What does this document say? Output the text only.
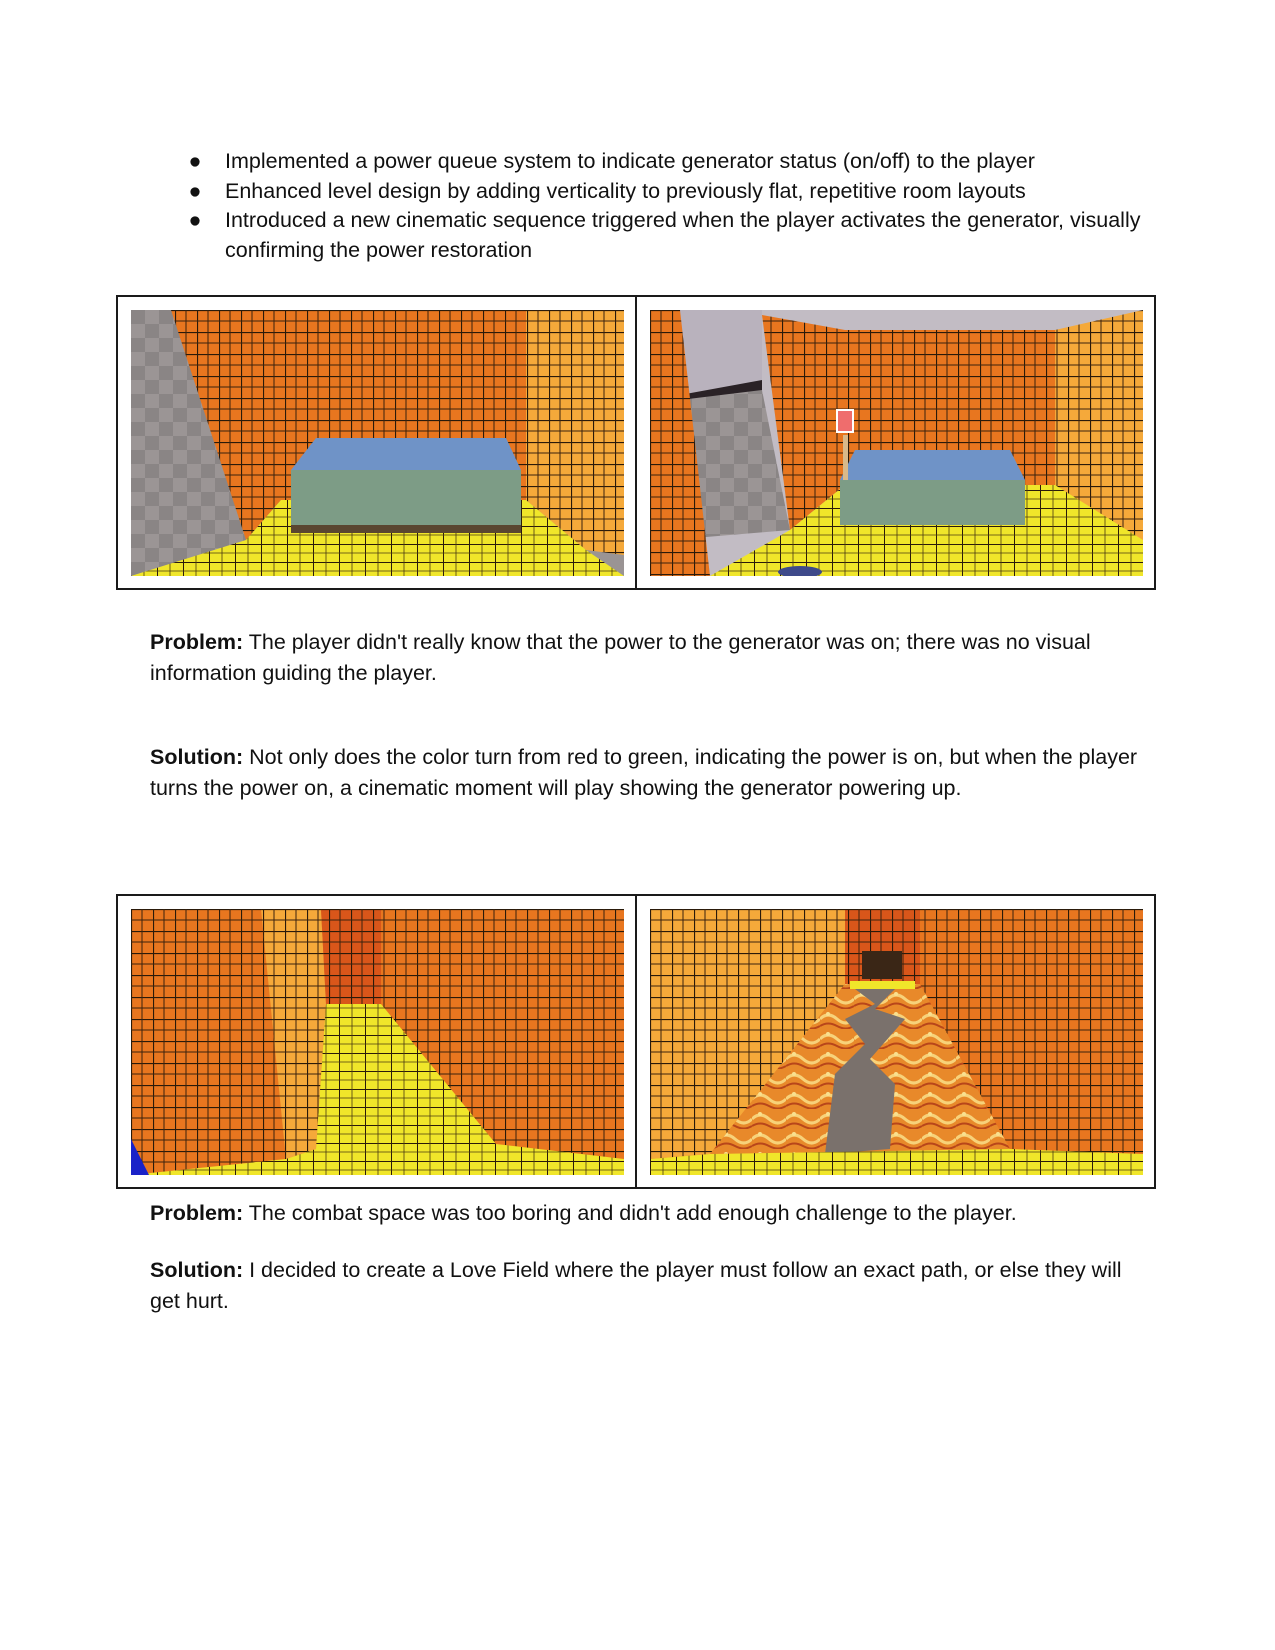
● Implemented a power queue system to indicate generator status (on/off) to the player
● Enhanced level design by adding verticality to previously flat, repetitive room layouts
● Introduced a new cinematic sequence triggered when the player activates the generator, visually confirming the power restoration

Problem: The player didn't really know that the power to the generator was on; there was no visual information guiding the player.

Solution: Not only does the color turn from red to green, indicating the power is on, but when the player turns the power on, a cinematic moment will play showing the generator powering up.

Problem: The combat space was too boring and didn't add enough challenge to the player.

Solution: I decided to create a Love Field where the player must follow an exact path, or else they will get hurt.
